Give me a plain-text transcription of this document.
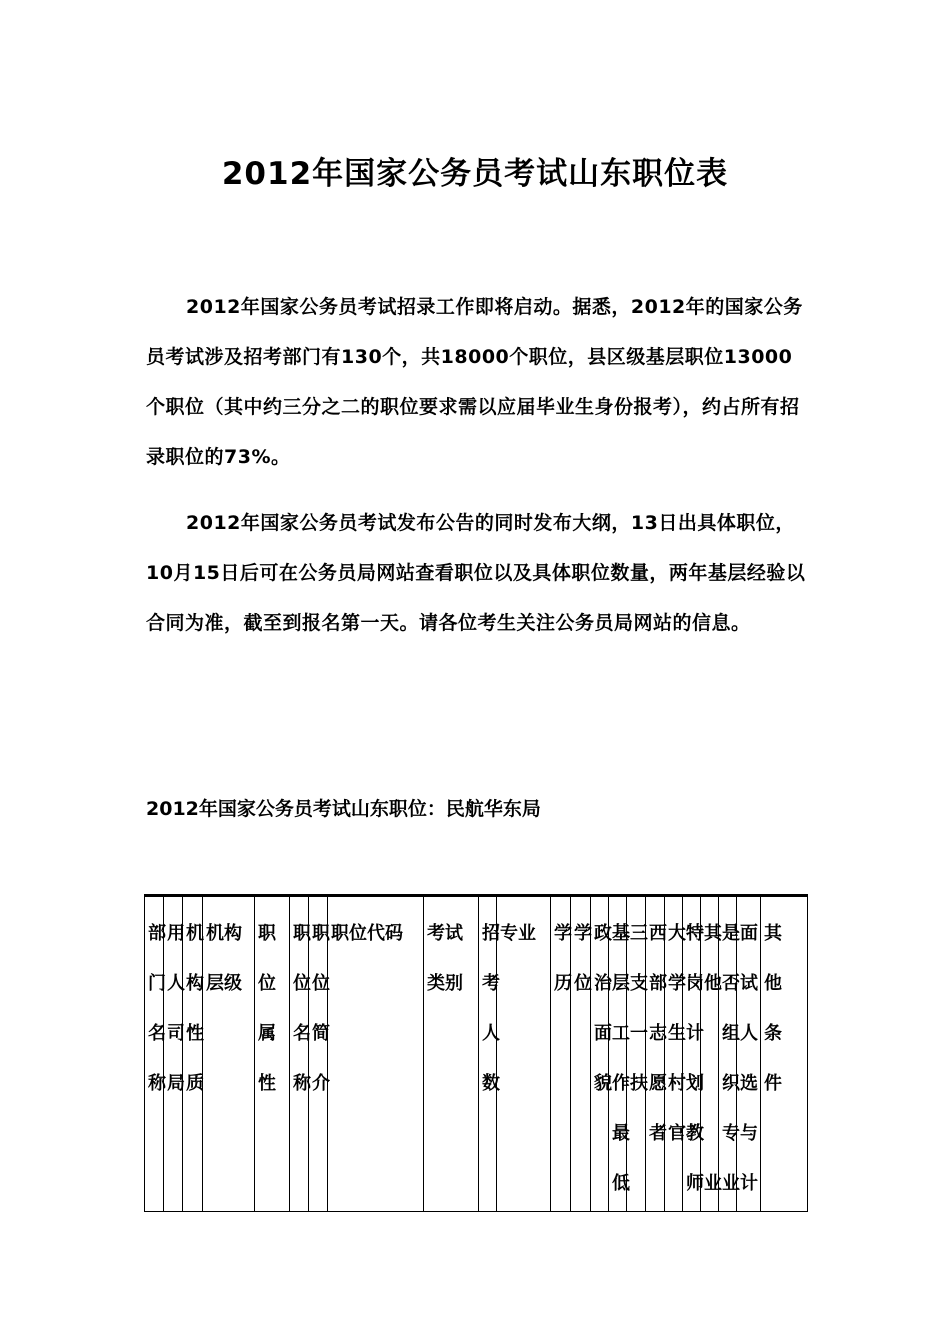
2012年国家公务员考试山东职位表

2012年国家公务员考试招录工作即将启动。据悉，2012年的国家公务员考试涉及招考部门有130个，共18000个职位，县区级基层职位13000个职位（其中约三分之二的职位要求需以应届毕业生身份报考），约占所有招录职位的73%。

2012年国家公务员考试发布公告的同时发布大纲，13日出具体职位，10月15日后可在公务员局网站查看职位以及具体职位数量，两年基层经验以合同为准，截至到报名第一天。请各位考生关注公务员局网站的信息。

2012年国家公务员考试山东职位：民航华东局
部
门
名
称
用
人
司
局
机
构
性
质
机构
层级
职
位
属
性
职
位
名
称
职
位
简
介
职位代码 考试
类别
招
考
人
数
专业 学
历
学
位
政
治
面
貌
基
层
工
作
最
低
三
支
一
扶
西
部
志
愿
者
大
学
生
村
官
特
岗
计
划
教
师
其
他

业
是
否
组
织
专
业
面
试
人
选
与
计
其
他
条
件
